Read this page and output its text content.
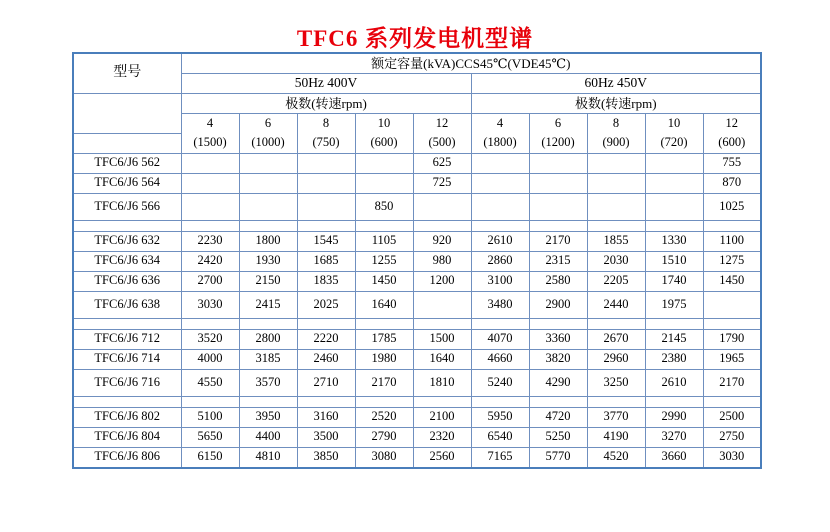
TFC6 系列发电机型谱
型号	额定容量(kVA)CCS45℃(VDE45℃)									
	50Hz 400V					60Hz 450V				
	极数(转速rpm)					极数(转速rpm)				
	4	6	8	10	12	4	6	8	10	12
	(1500)	(1000)	(750)	(600)	(500)	(1800)	(1200)	(900)	(720)	(600)
TFC6/J6 562					625					755
TFC6/J6 564					725					870
TFC6/J6 566				850						1025

TFC6/J6 632	2230	1800	1545	1105	920	2610	2170	1855	1330	1100
TFC6/J6 634	2420	1930	1685	1255	980	2860	2315	2030	1510	1275
TFC6/J6 636	2700	2150	1835	1450	1200	3100	2580	2205	1740	1450
TFC6/J6 638	3030	2415	2025	1640		3480	2900	2440	1975	

TFC6/J6 712	3520	2800	2220	1785	1500	4070	3360	2670	2145	1790
TFC6/J6 714	4000	3185	2460	1980	1640	4660	3820	2960	2380	1965
TFC6/J6 716	4550	3570	2710	2170	1810	5240	4290	3250	2610	2170

TFC6/J6 802	5100	3950	3160	2520	2100	5950	4720	3770	2990	2500
TFC6/J6 804	5650	4400	3500	2790	2320	6540	5250	4190	3270	2750
TFC6/J6 806	6150	4810	3850	3080	2560	7165	5770	4520	3660	3030
